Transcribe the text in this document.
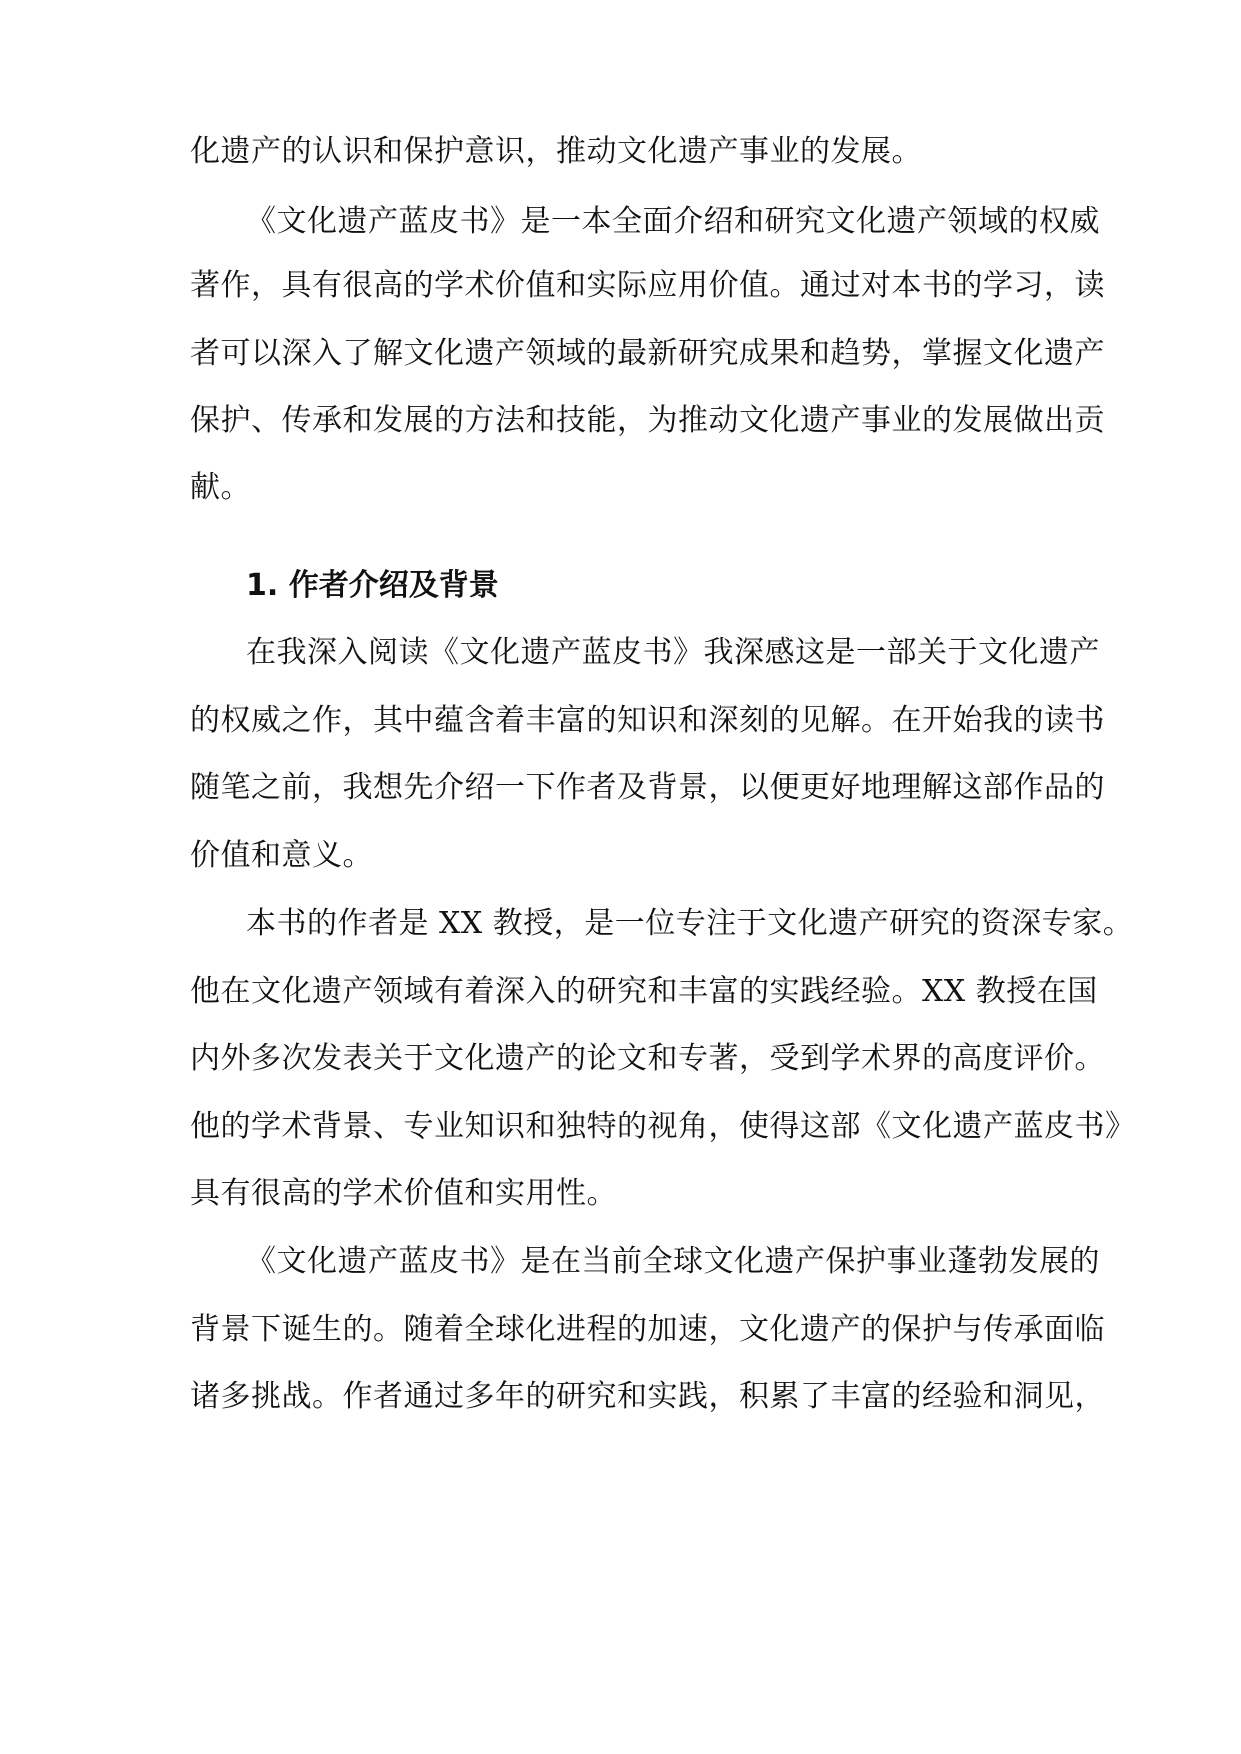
化遗产的认识和保护意识，推动文化遗产事业的发展。
《文化遗产蓝皮书》是一本全面介绍和研究文化遗产领域的权威
著作，具有很高的学术价值和实际应用价值。通过对本书的学习，读
者可以深入了解文化遗产领域的最新研究成果和趋势，掌握文化遗产
保护、传承和发展的方法和技能，为推动文化遗产事业的发展做出贡
献。
1. 作者介绍及背景
在我深入阅读《文化遗产蓝皮书》我深感这是一部关于文化遗产
的权威之作，其中蕴含着丰富的知识和深刻的见解。在开始我的读书
随笔之前，我想先介绍一下作者及背景，以便更好地理解这部作品的
价值和意义。
本书的作者是 XX 教授，是一位专注于文化遗产研究的资深专家。
他在文化遗产领域有着深入的研究和丰富的实践经验。XX 教授在国
内外多次发表关于文化遗产的论文和专著，受到学术界的高度评价。
他的学术背景、专业知识和独特的视角，使得这部《文化遗产蓝皮书》
具有很高的学术价值和实用性。
《文化遗产蓝皮书》是在当前全球文化遗产保护事业蓬勃发展的
背景下诞生的。随着全球化进程的加速，文化遗产的保护与传承面临
诸多挑战。作者通过多年的研究和实践，积累了丰富的经验和洞见，
